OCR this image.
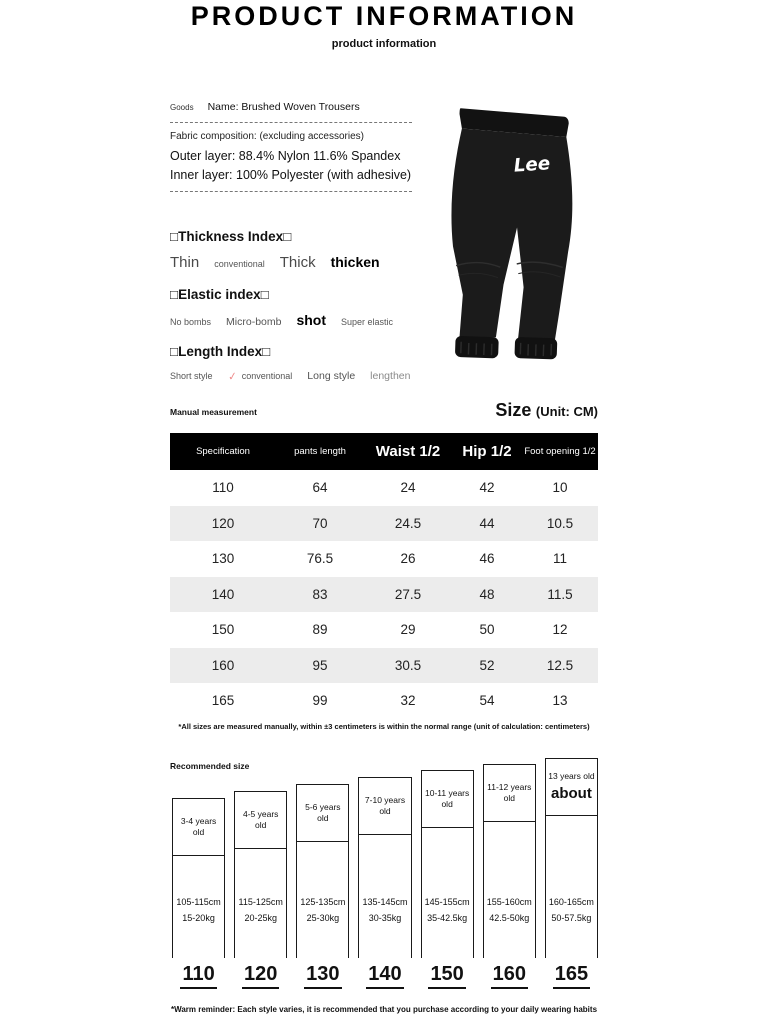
PRODUCT INFORMATION
product information
Goods Name: Brushed Woven Trousers
Fabric composition: (excluding accessories)
Outer layer: 88.4% Nylon 11.6% Spandex
Inner layer: 100% Polyester (with adhesive)	Lee
□Thickness Index□
Thin conventional Thick thicken
□Elastic index□
No bombs Micro-bomb shot Super elastic
□Length Index□
Short style ✓ conventional Long style lengthen
Manual measurement	Size (Unit: CM)
Specification	pants length	Waist 1/2	Hip 1/2	Foot opening 1/2
110	64	24	42	10
120	70	24.5	44	10.5
130	76.5	26	46	11
140	83	27.5	48	11.5
150	89	29	50	12
160	95	30.5	52	12.5
165	99	32	54	13
*All sizes are measured manually, within ±3 centimeters is within the normal range (unit of calculation: centimeters)
Recommended size
3-4 years old
105-115cm
15-20kg
4-5 years old
115-125cm
20-25kg
5-6 years old
125-135cm
25-30kg
7-10 years old
135-145cm
30-35kg
10-11 years old
145-155cm
35-42.5kg
11-12 years old
155-160cm
42.5-50kg
13 years old
about
160-165cm
50-57.5kg
110	120	130	140	150	160	165
*Warm reminder: Each style varies, it is recommended that you purchase according to your daily wearing habits
